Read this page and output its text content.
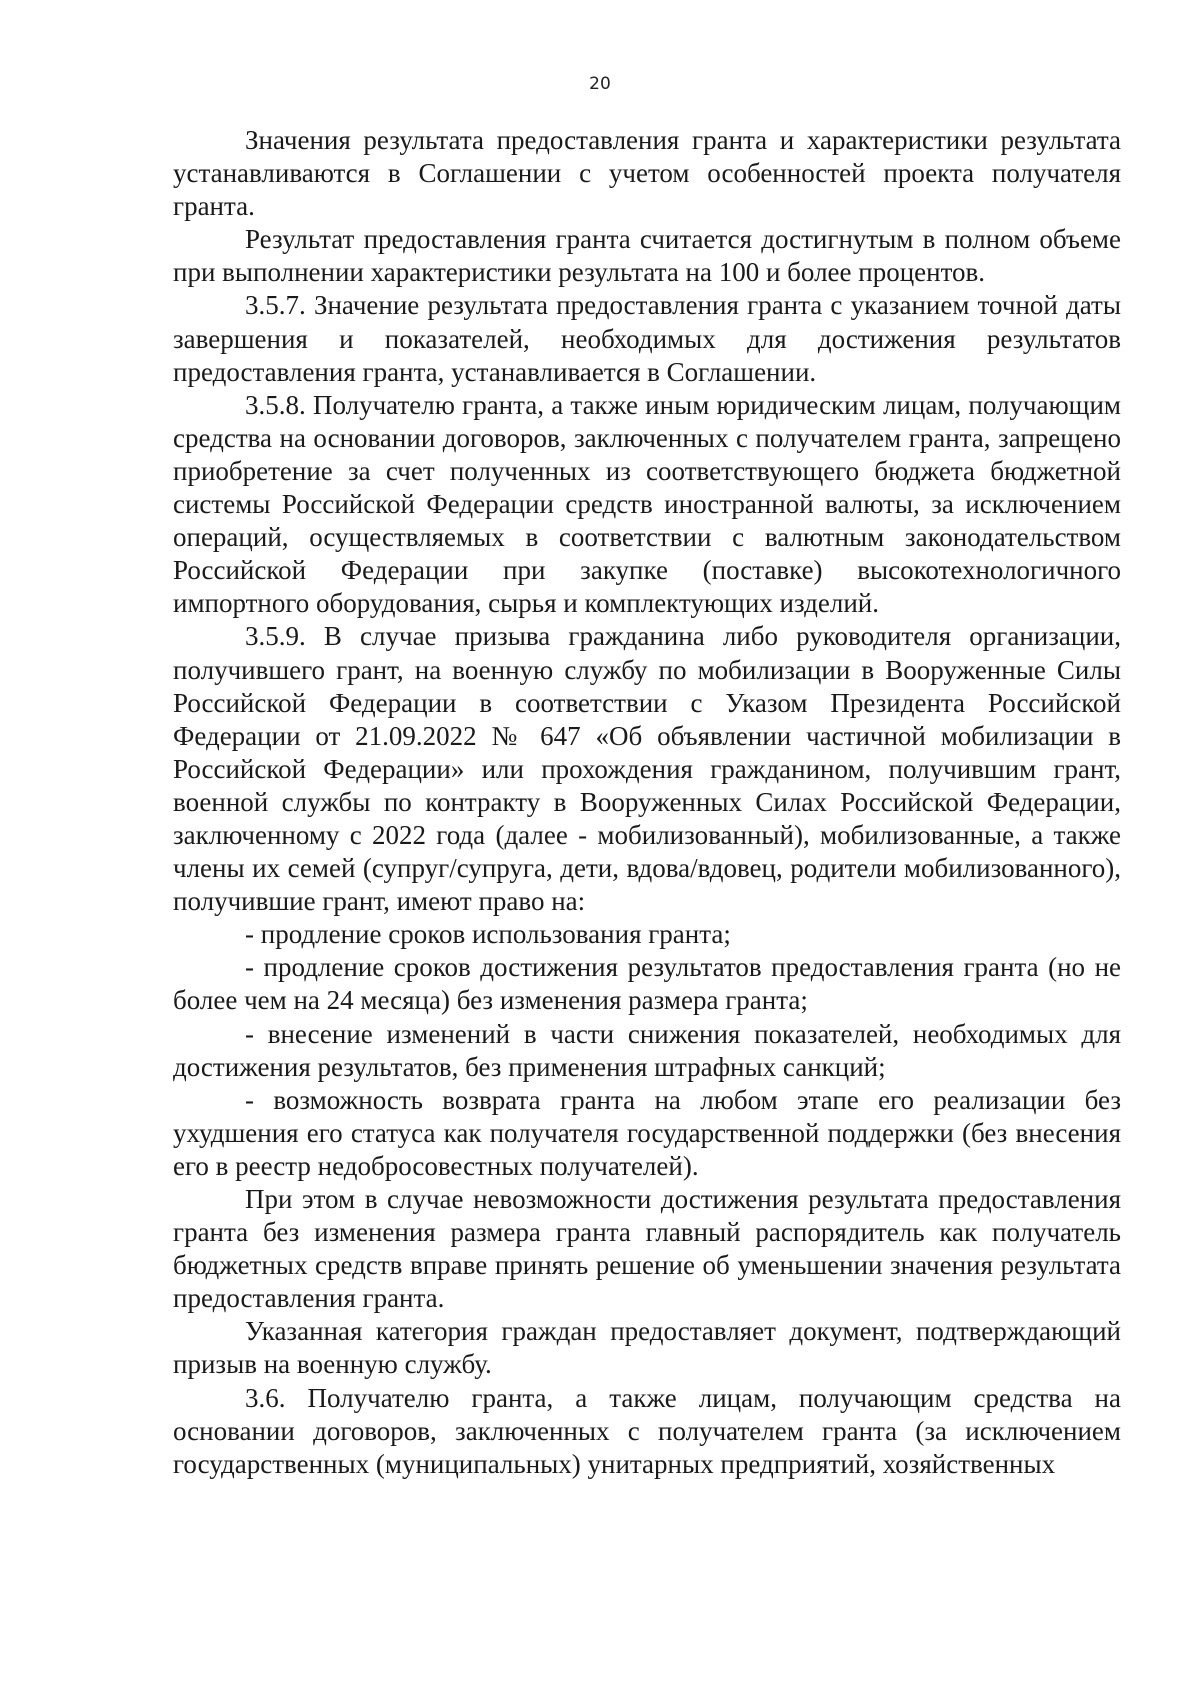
20

Значения результата предоставления гранта и характеристики результата устанавливаются в Соглашении с учетом особенностей проекта получателя гранта.

Результат предоставления гранта считается достигнутым в полном объеме при выполнении характеристики результата на 100 и более процентов.

3.5.7. Значение результата предоставления гранта с указанием точной даты завершения и показателей, необходимых для достижения результатов предоставления гранта, устанавливается в Соглашении.

3.5.8. Получателю гранта, а также иным юридическим лицам, получающим средства на основании договоров, заключенных с получателем гранта, запрещено приобретение за счет полученных из соответствующего бюджета бюджетной системы Российской Федерации средств иностранной валюты, за исключением операций, осуществляемых в соответствии с валютным законодательством Российской Федерации при закупке (поставке) высокотехнологичного импортного оборудования, сырья и комплектующих изделий.

3.5.9. В случае призыва гражданина либо руководителя организации, получившего грант, на военную службу по мобилизации в Вооруженные Силы Российской Федерации в соответствии с Указом Президента Российской Федерации от 21.09.2022 № 647 «Об объявлении частичной мобилизации в Российской Федерации» или прохождения гражданином, получившим грант, военной службы по контракту в Вооруженных Силах Российской Федерации, заключенному с 2022 года (далее - мобилизованный), мобилизованные, а также члены их семей (супруг/супруга, дети, вдова/вдовец, родители мобилизованного), получившие грант, имеют право на:

- продление сроков использования гранта;

- продление сроков достижения результатов предоставления гранта (но не более чем на 24 месяца) без изменения размера гранта;

- внесение изменений в части снижения показателей, необходимых для достижения результатов, без применения штрафных санкций;

- возможность возврата гранта на любом этапе его реализации без ухудшения его статуса как получателя государственной поддержки (без внесения его в реестр недобросовестных получателей).

При этом в случае невозможности достижения результата предоставления гранта без изменения размера гранта главный распорядитель как получатель бюджетных средств вправе принять решение об уменьшении значения результата предоставления гранта.

Указанная категория граждан предоставляет документ, подтверждающий призыв на военную службу.

3.6. Получателю гранта, а также лицам, получающим средства на основании договоров, заключенных с получателем гранта (за исключением государственных (муниципальных) унитарных предприятий, хозяйственных
